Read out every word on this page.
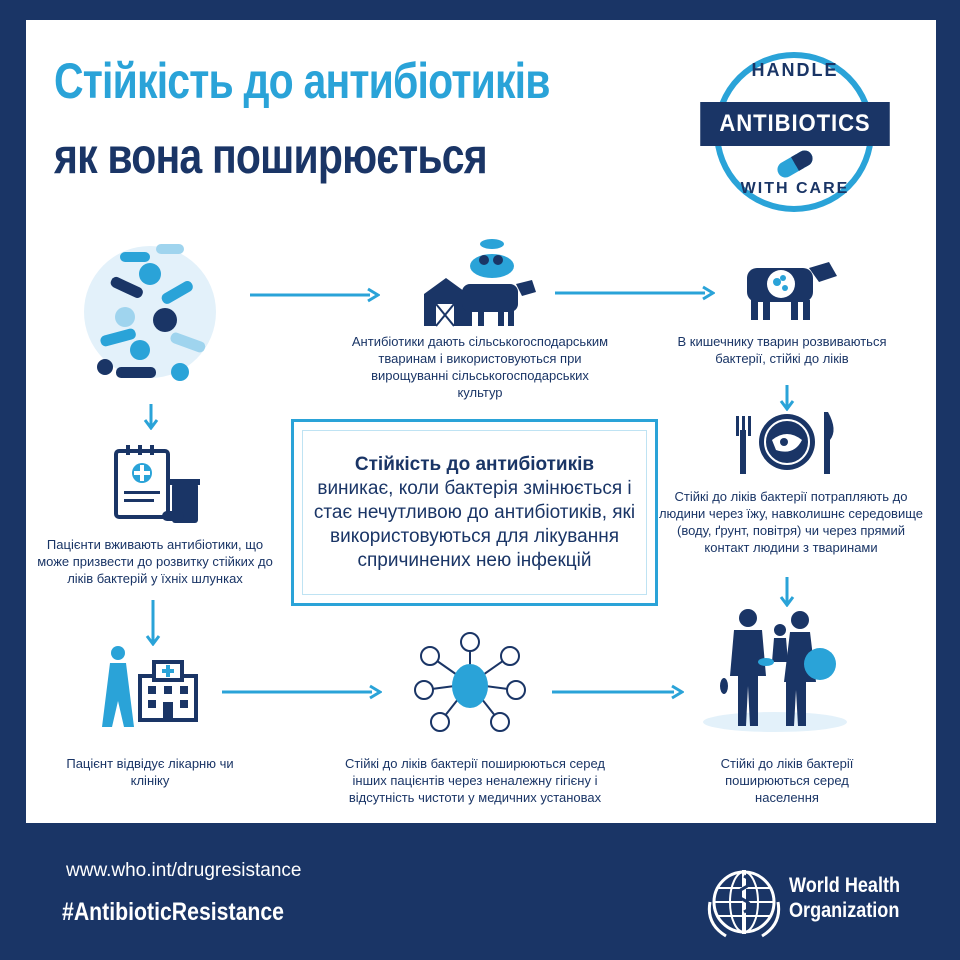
Стійкість до антибіотиків
як вона поширюється
HANDLE
ANTIBIOTICS
WITH CARE
Антибіотики дають сільськогосподарським тваринам і використовуються при вирощуванні сільськогосподарських культур
В кишечнику тварин розвиваються бактерії, стійкі до ліків
Стійкі до ліків бактерії потрапляють до людини через їжу, навколишнє середовище (воду, ґрунт, повітря) чи через прямий контакт людини з тваринами
Пацієнти вживають антибіотики, що може призвести до розвитку стійких до ліків бактерій у їхніх шлунках
Пацієнт відвідує лікарню чи клініку
Стійкі до ліків бактерії поширюються серед інших пацієнтів через неналежну гігієну і відсутність чистоти у медичних установах
Стійкі до ліків бактерії поширюються серед населення
Стійкість до антибіотиків
виникає, коли бактерія змінюється і стає нечутливою до антибіотиків, які використовуються для лікування спричинених нею інфекцій
www.who.int/drugresistance
#AntibioticResistance
World Health
Organization
